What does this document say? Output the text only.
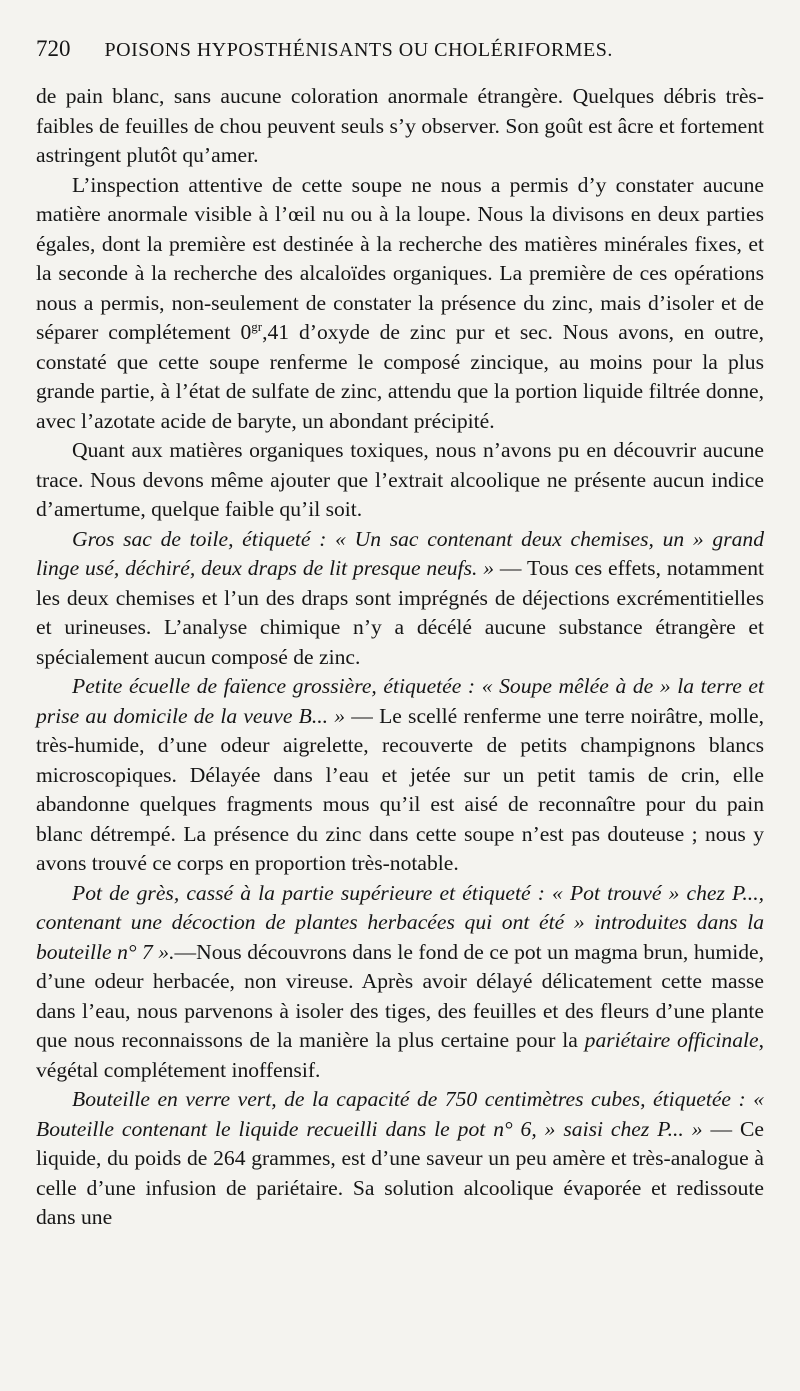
720 POISONS HYPOSTHÉNISANTS OU CHOLÉRIFORMES.

de pain blanc, sans aucune coloration anormale étrangère. Quelques débris très-faibles de feuilles de chou peuvent seuls s’y observer. Son goût est âcre et fortement astringent plutôt qu’amer.

L’inspection attentive de cette soupe ne nous a permis d’y constater aucune matière anormale visible à l’œil nu ou à la loupe. Nous la divisons en deux parties égales, dont la première est destinée à la recherche des matières minérales fixes, et la seconde à la recherche des alcaloïdes organiques. La première de ces opérations nous a permis, non-seulement de constater la présence du zinc, mais d’isoler et de séparer complétement $0^{gr},41$ d’oxyde de zinc pur et sec. Nous avons, en outre, constaté que cette soupe renferme le composé zincique, au moins pour la plus grande partie, à l’état de sulfate de zinc, attendu que la portion liquide filtrée donne, avec l’azotate acide de baryte, un abondant précipité.

Quant aux matières organiques toxiques, nous n’avons pu en découvrir aucune trace. Nous devons même ajouter que l’extrait alcoolique ne présente aucun indice d’amertume, quelque faible qu’il soit.

Gros sac de toile, étiqueté : « Un sac contenant deux chemises, un » grand linge usé, déchiré, deux draps de lit presque neufs. » — Tous ces effets, notamment les deux chemises et l’un des draps sont imprégnés de déjections excrémentitielles et urineuses. L’analyse chimique n’y a décélé aucune substance étrangère et spécialement aucun composé de zinc.

Petite écuelle de faïence grossière, étiquetée : « Soupe mêlée à de » la terre et prise au domicile de la veuve B... » — Le scellé renferme une terre noirâtre, molle, très-humide, d’une odeur aigrelette, recouverte de petits champignons blancs microscopiques. Délayée dans l’eau et jetée sur un petit tamis de crin, elle abandonne quelques fragments mous qu’il est aisé de reconnaître pour du pain blanc détrempé. La présence du zinc dans cette soupe n’est pas douteuse ; nous y avons trouvé ce corps en proportion très-notable.

Pot de grès, cassé à la partie supérieure et étiqueté : « Pot trouvé » chez P..., contenant une décoction de plantes herbacées qui ont été » introduites dans la bouteille n° 7 ».—Nous découvrons dans le fond de ce pot un magma brun, humide, d’une odeur herbacée, non vireuse. Après avoir délayé délicatement cette masse dans l’eau, nous parvenons à isoler des tiges, des feuilles et des fleurs d’une plante que nous reconnaissons de la manière la plus certaine pour la pariétaire officinale, végétal complétement inoffensif.

Bouteille en verre vert, de la capacité de 750 centimètres cubes, étiquetée : « Bouteille contenant le liquide recueilli dans le pot n° 6, » saisi chez P... » — Ce liquide, du poids de 264 grammes, est d’une saveur un peu amère et très-analogue à celle d’une infusion de pariétaire. Sa solution alcoolique évaporée et redissoute dans une
